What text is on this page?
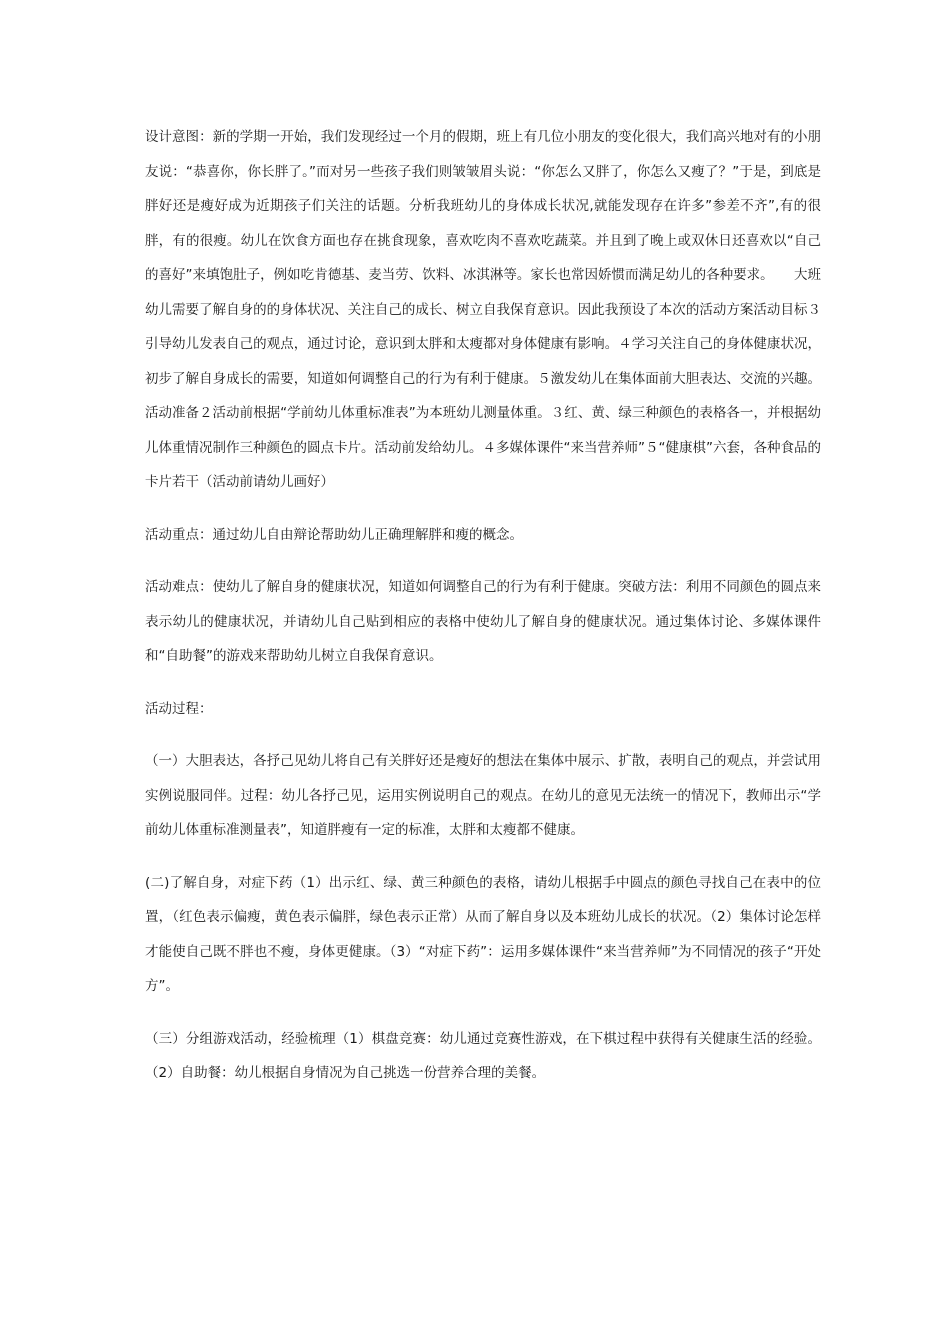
设计意图：新的学期一开始，我们发现经过一个月的假期，班上有几位小朋友的变化很大，我们高兴地对有的小朋友说：“恭喜你，你长胖了。”而对另一些孩子我们则皱皱眉头说：“你怎么又胖了，你怎么又瘦了？”于是，到底是胖好还是瘦好成为近期孩子们关注的话题。分析我班幼儿的身体成长状况,就能发现存在许多”参差不齐”,有的很胖，有的很瘦。幼儿在饮食方面也存在挑食现象，喜欢吃肉不喜欢吃蔬菜。并且到了晚上或双休日还喜欢以“自己的喜好”来填饱肚子，例如吃肯德基、麦当劳、饮料、冰淇淋等。家长也常因娇惯而满足幼儿的各种要求。　　大班幼儿需要了解自身的的身体状况、关注自己的成长、树立自我保育意识。因此我预设了本次的活动方案活动目标３引导幼儿发表自己的观点，通过讨论，意识到太胖和太瘦都对身体健康有影响。４学习关注自己的身体健康状况，初步了解自身成长的需要，知道如何调整自己的行为有利于健康。５激发幼儿在集体面前大胆表达、交流的兴趣。活动准备２活动前根据“学前幼儿体重标准表”为本班幼儿测量体重。３红、黄、绿三种颜色的表格各一，并根据幼儿体重情况制作三种颜色的圆点卡片。活动前发给幼儿。４多媒体课件“来当营养师”５“健康棋”六套，各种食品的卡片若干（活动前请幼儿画好）

活动重点：通过幼儿自由辩论帮助幼儿正确理解胖和瘦的概念。

活动难点：使幼儿了解自身的健康状况，知道如何调整自己的行为有利于健康。突破方法：利用不同颜色的圆点来表示幼儿的健康状况，并请幼儿自己贴到相应的表格中使幼儿了解自身的健康状况。通过集体讨论、多媒体课件和“自助餐”的游戏来帮助幼儿树立自我保育意识。

活动过程：

（一）大胆表达，各抒己见幼儿将自己有关胖好还是瘦好的想法在集体中展示、扩散，表明自己的观点，并尝试用实例说服同伴。过程：幼儿各抒己见，运用实例说明自己的观点。在幼儿的意见无法统一的情况下，教师出示“学前幼儿体重标准测量表”，知道胖瘦有一定的标准，太胖和太瘦都不健康。

(二)了解自身，对症下药（1）出示红、绿、黄三种颜色的表格，请幼儿根据手中圆点的颜色寻找自己在表中的位置，（红色表示偏瘦，黄色表示偏胖，绿色表示正常）从而了解自身以及本班幼儿成长的状况。（2）集体讨论怎样才能使自己既不胖也不瘦，身体更健康。（3）“对症下药”：运用多媒体课件“来当营养师”为不同情况的孩子“开处方”。

（三）分组游戏活动，经验梳理（1）棋盘竞赛：幼儿通过竞赛性游戏，在下棋过程中获得有关健康生活的经验。（2）自助餐：幼儿根据自身情况为自己挑选一份营养合理的美餐。
